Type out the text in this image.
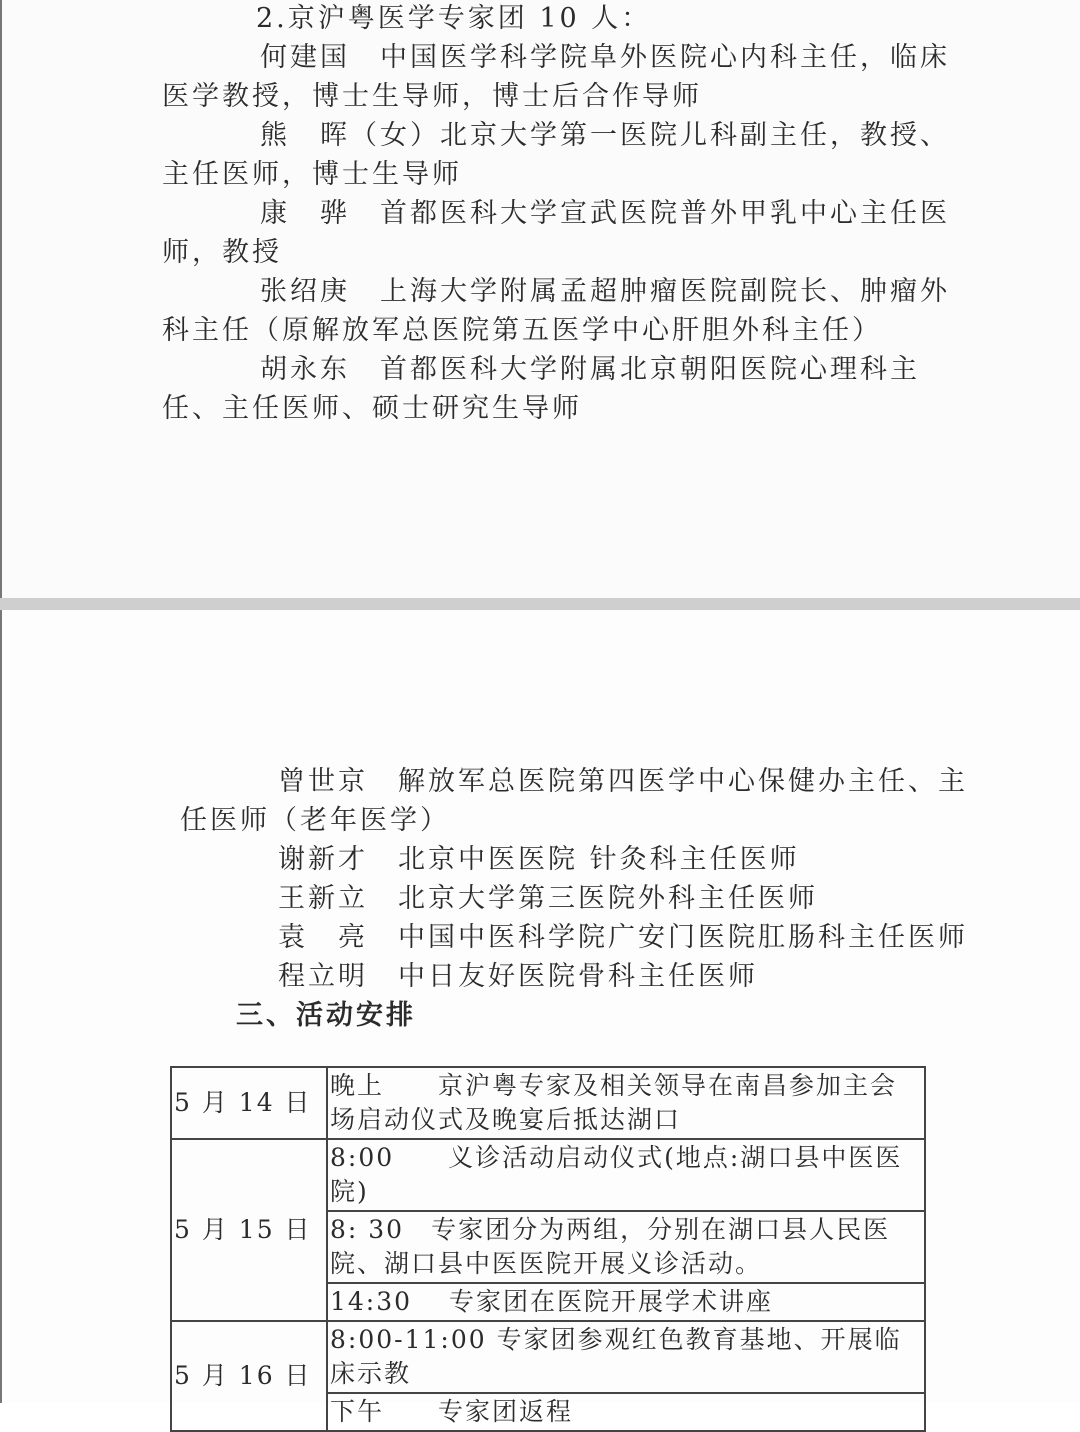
2.京沪粤医学专家团 10 人：
何建国　中国医学科学院阜外医院心内科主任，临床
医学教授，博士生导师，博士后合作导师
熊　晖（女）北京大学第一医院儿科副主任，教授、
主任医师，博士生导师
康　骅　首都医科大学宣武医院普外甲乳中心主任医
师，教授
张绍庚　上海大学附属孟超肿瘤医院副院长、肿瘤外
科主任（原解放军总医院第五医学中心肝胆外科主任）
胡永东　首都医科大学附属北京朝阳医院心理科主
任、主任医师、硕士研究生导师
曾世京　解放军总医院第四医学中心保健办主任、主
任医师（老年医学）
谢新才　北京中医医院 针灸科主任医师
王新立　北京大学第三医院外科主任医师
袁　亮　中国中医科学院广安门医院肛肠科主任医师
程立明　中日友好医院骨科主任医师
三、活动安排
5 月 14 日	晚上　　京沪粤专家及相关领导在南昌参加主会场启动仪式及晚宴后抵达湖口
5 月 15 日	8:00　　义诊活动启动仪式(地点:湖口县中医医院)
	8: 30　专家团分为两组，分别在湖口县人民医院、湖口县中医医院开展义诊活动。
	14:30　 专家团在医院开展学术讲座
5 月 16 日	8:00-11:00 专家团参观红色教育基地、开展临床示教
	下午　　专家团返程
